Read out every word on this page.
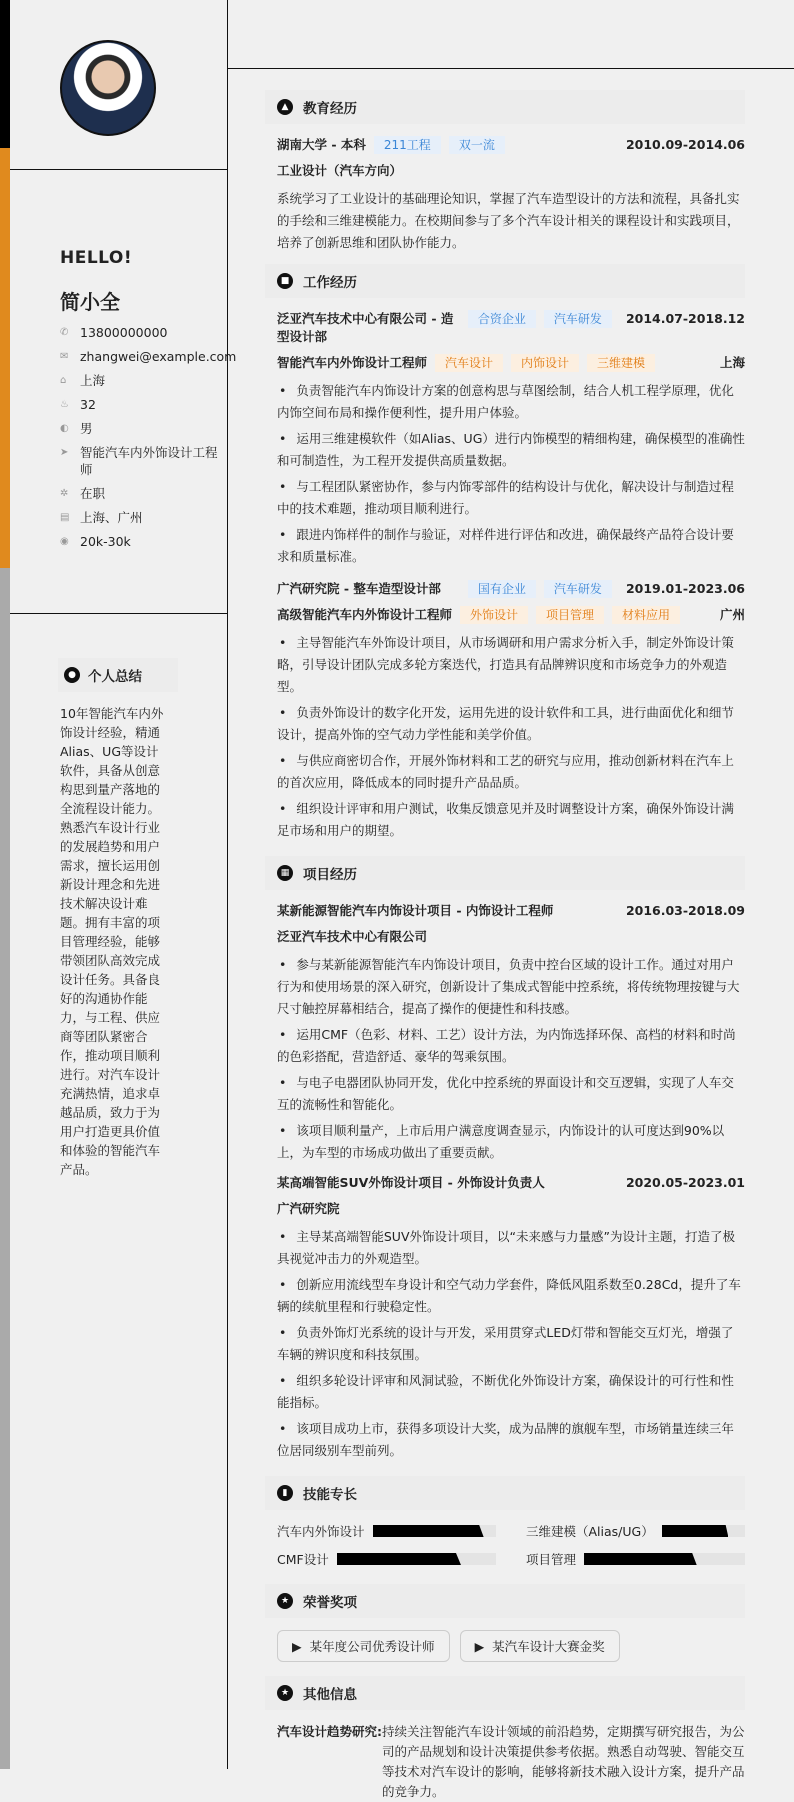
HELLO!
简小全
✆ 13800000000
✉ zhangwei@example.com
⌂	上海
♨ 32
◐ 男
➤ 智能汽车内外饰设计工程师
✲ 在职
▤ 上海、广州
◉ 20k-30k
● 个人总结
10年智能汽车内外饰设计经验，精通Alias、UG等设计软件，具备从创意构思到量产落地的全流程设计能力。熟悉汽车设计行业的发展趋势和用户需求，擅长运用创新设计理念和先进技术解决设计难题。拥有丰富的项目管理经验，能够带领团队高效完成设计任务。具备良好的沟通协作能力，与工程、供应商等团队紧密合作，推动项目顺利进行。对汽车设计充满热情，追求卓越品质，致力于为用户打造更具价值和体验的智能汽车产品。
▲	教育经历
湖南大学 - 本科	211工程	双一流	2010.09-2014.06
工业设计（汽车方向）

系统学习了工业设计的基础理论知识，掌握了汽车造型设计的方法和流程，具备扎实的手绘和三维建模能力。在校期间参与了多个汽车设计相关的课程设计和实践项目，培养了创新思维和团队协作能力。

■ 工作经历
泛亚汽车技术中心有限公司 - 造型设计部
合资企业	汽车研发	2014.07-2018.12
智能汽车内外饰设计工程师	汽车设计	内饰设计	三维建模	上海
• 负责智能汽车内饰设计方案的创意构思与草图绘制，结合人机工程学原理，优化内饰空间布局和操作便利性，提升用户体验。
• 运用三维建模软件（如Alias、UG）进行内饰模型的精细构建，确保模型的准确性和可制造性，为工程开发提供高质量数据。
• 与工程团队紧密协作，参与内饰零部件的结构设计与优化，解决设计与制造过程中的技术难题，推动项目顺利进行。
• 跟进内饰样件的制作与验证，对样件进行评估和改进，确保最终产品符合设计要求和质量标准。
广汽研究院 - 整车造型设计部	国有企业	汽车研发	2019.01-2023.06
高级智能汽车内外饰设计工程师	外饰设计	项目管理	材料应用	广州
• 主导智能汽车外饰设计项目，从市场调研和用户需求分析入手，制定外饰设计策略，引导设计团队完成多轮方案迭代，打造具有品牌辨识度和市场竞争力的外观造型。
• 负责外饰设计的数字化开发，运用先进的设计软件和工具，进行曲面优化和细节设计，提高外饰的空气动力学性能和美学价值。
• 与供应商密切合作，开展外饰材料和工艺的研究与应用，推动创新材料在汽车上的首次应用，降低成本的同时提升产品品质。
• 组织设计评审和用户测试，收集反馈意见并及时调整设计方案，确保外饰设计满足市场和用户的期望。
▦ 项目经历
某新能源智能汽车内饰设计项目 - 内饰设计工程师	2016.03-2018.09
泛亚汽车技术中心有限公司
• 参与某新能源智能汽车内饰设计项目，负责中控台区域的设计工作。通过对用户行为和使用场景的深入研究，创新设计了集成式智能中控系统，将传统物理按键与大尺寸触控屏幕相结合，提高了操作的便捷性和科技感。
• 运用CMF（色彩、材料、工艺）设计方法，为内饰选择环保、高档的材料和时尚的色彩搭配，营造舒适、豪华的驾乘氛围。
• 与电子电器团队协同开发，优化中控系统的界面设计和交互逻辑，实现了人车交互的流畅性和智能化。
• 该项目顺利量产，上市后用户满意度调查显示，内饰设计的认可度达到90%以上，为车型的市场成功做出了重要贡献。
某高端智能SUV外饰设计项目 - 外饰设计负责人	2020.05-2023.01
广汽研究院
• 主导某高端智能SUV外饰设计项目，以“未来感与力量感”为设计主题，打造了极具视觉冲击力的外观造型。
• 创新应用流线型车身设计和空气动力学套件，降低风阻系数至0.28Cd，提升了车辆的续航里程和行驶稳定性。
• 负责外饰灯光系统的设计与开发，采用贯穿式LED灯带和智能交互灯光，增强了车辆的辨识度和科技氛围。
• 组织多轮设计评审和风洞试验，不断优化外饰设计方案，确保设计的可行性和性能指标。
• 该项目成功上市，获得多项设计大奖，成为品牌的旗舰车型，市场销量连续三年位居同级别车型前列。
▮	技能专长
汽车内外饰设计	三维建模（Alias/UG）
CMF设计	项目管理
★ 荣誉奖项
▶  某年度公司优秀设计师	▶  某汽车设计大赛金奖
★ 其他信息
汽车设计趋势研究: 持续关注智能汽车设计领域的前沿趋势，定期撰写研究报告，为公司的产品规划和设计决策提供参考依据。熟悉自动驾驶、智能交互等技术对汽车设计的影响，能够将新技术融入设计方案，提升产品的竞争力。
